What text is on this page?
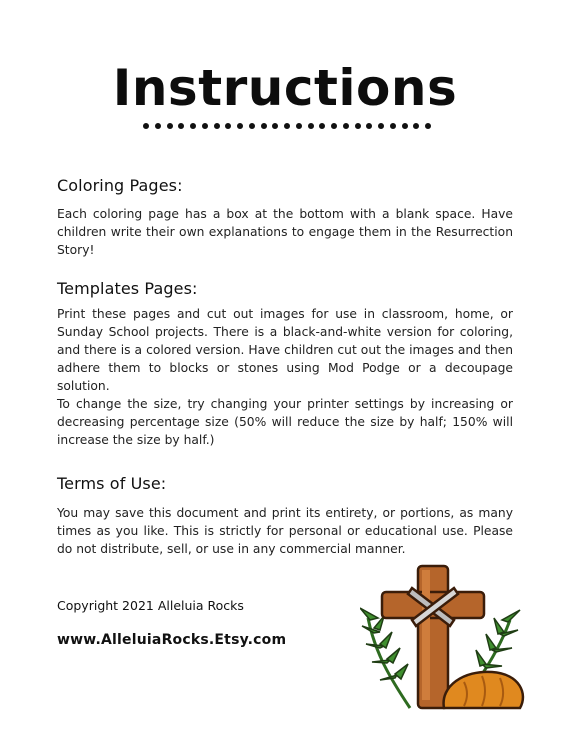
Instructions
Coloring Pages:
Each coloring page has a box at the bottom with a blank space. Have children write their own explanations to engage them in the Resurrection Story!
Templates Pages:
Print these pages and cut out images for use in classroom, home, or Sunday School projects. There is a black-and-white version for coloring, and there is a colored version. Have children cut out the images and then adhere them to blocks or stones using Mod Podge or a decoupage solution.
To change the size, try changing your printer settings by increasing or decreasing percentage size (50% will reduce the size by half; 150% will increase the size by half.)
Terms of Use:
You may save this document and print its entirety, or portions, as many times as you like. This is strictly for personal or educational use. Please do not distribute, sell, or use in any commercial manner.
Copyright 2021 Alleluia Rocks
www.AlleluiaRocks.Etsy.com
